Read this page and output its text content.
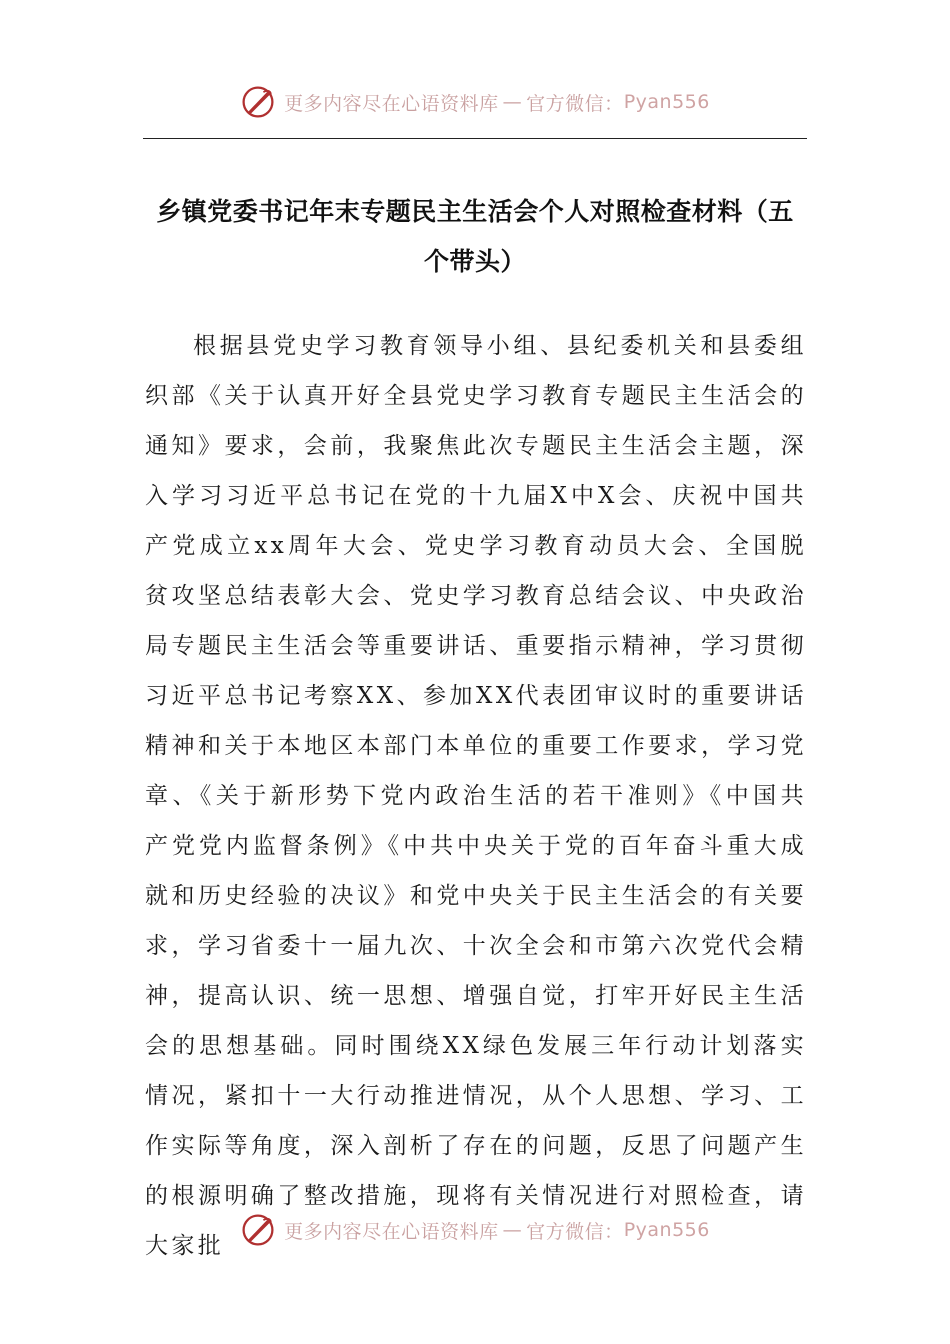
更多内容尽在心语资料库 — 官方微信： Pyan556
乡镇党委书记年末专题民主生活会个人对照检查材料（五个带头）

根据县党史学习教育领导小组、县纪委机关和县委组织部《关于认真开好全县党史学习教育专题民主生活会的通知》要求，会前，我聚焦此次专题民主生活会主题，深入学习习近平总书记在党的十九届X中X会、庆祝中国共产党成立xx周年大会、党史学习教育动员大会、全国脱贫攻坚总结表彰大会、党史学习教育总结会议、中央政治局专题民主生活会等重要讲话、重要指示精神，学习贯彻习近平总书记考察XX、参加XX代表团审议时的重要讲话精神和关于本地区本部门本单位的重要工作要求，学习党章、《关于新形势下党内政治生活的若干准则》《中国共产党党内监督条例》《中共中央关于党的百年奋斗重大成就和历史经验的决议》和党中央关于民主生活会的有关要求，学习省委十一届九次、十次全会和市第六次党代会精神，提高认识、统一思想、增强自觉，打牢开好民主生活会的思想基础。同时围绕XX绿色发展三年行动计划落实情况，紧扣十一大行动推进情况，从个人思想、学习、工作实际等角度，深入剖析了存在的问题，反思了问题产生的根源明确了整改措施，现将有关情况进行对照检查，请大家批

更多内容尽在心语资料库 — 官方微信： Pyan556
